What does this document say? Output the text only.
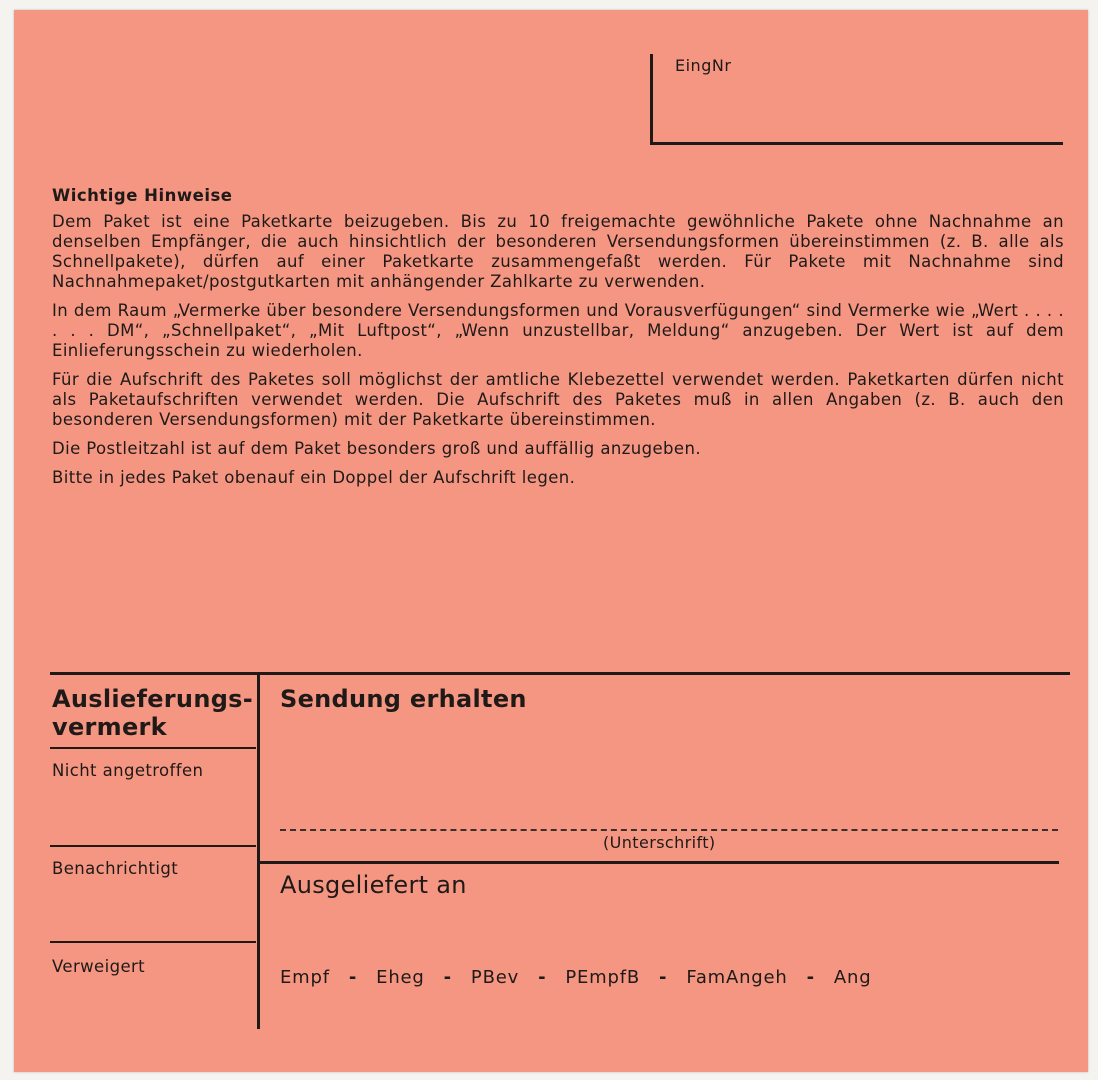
EingNr
Wichtige Hinweise

Dem Paket ist eine Paketkarte beizugeben. Bis zu 10 freigemachte gewöhnliche Pakete ohne Nachnahme an denselben Empfänger, die auch hinsichtlich der besonderen Versendungsformen übereinstimmen (z. B. alle als Schnellpakete), dürfen auf einer Paketkarte zusammengefaßt werden. Für Pakete mit Nachnahme sind Nachnahmepaket/postgutkarten mit anhängender Zahlkarte zu verwenden.

In dem Raum „Vermerke über besondere Versendungsformen und Vorausverfügungen“ sind Vermerke wie „Wert . . . . . . . DM“, „Schnellpaket“, „Mit Luftpost“, „Wenn unzustellbar, Meldung“ anzugeben. Der Wert ist auf dem Einlieferungsschein zu wiederholen.

Für die Aufschrift des Paketes soll möglichst der amtliche Klebezettel verwendet werden. Paketkarten dürfen nicht als Paketaufschriften verwendet werden. Die Aufschrift des Paketes muß in allen Angaben (z. B. auch den besonderen Versendungsformen) mit der Paketkarte übereinstimmen.

Die Postleitzahl ist auf dem Paket besonders groß und auffällig anzugeben.

Bitte in jedes Paket obenauf ein Doppel der Aufschrift legen.

Auslieferungs-
vermerk
Nicht angetroffen
Benachrichtigt
Verweigert
Sendung erhalten
(Unterschrift)
Ausgeliefert an
Empf - Eheg - PBev - PEmpfB - FamAngeh - Ang
